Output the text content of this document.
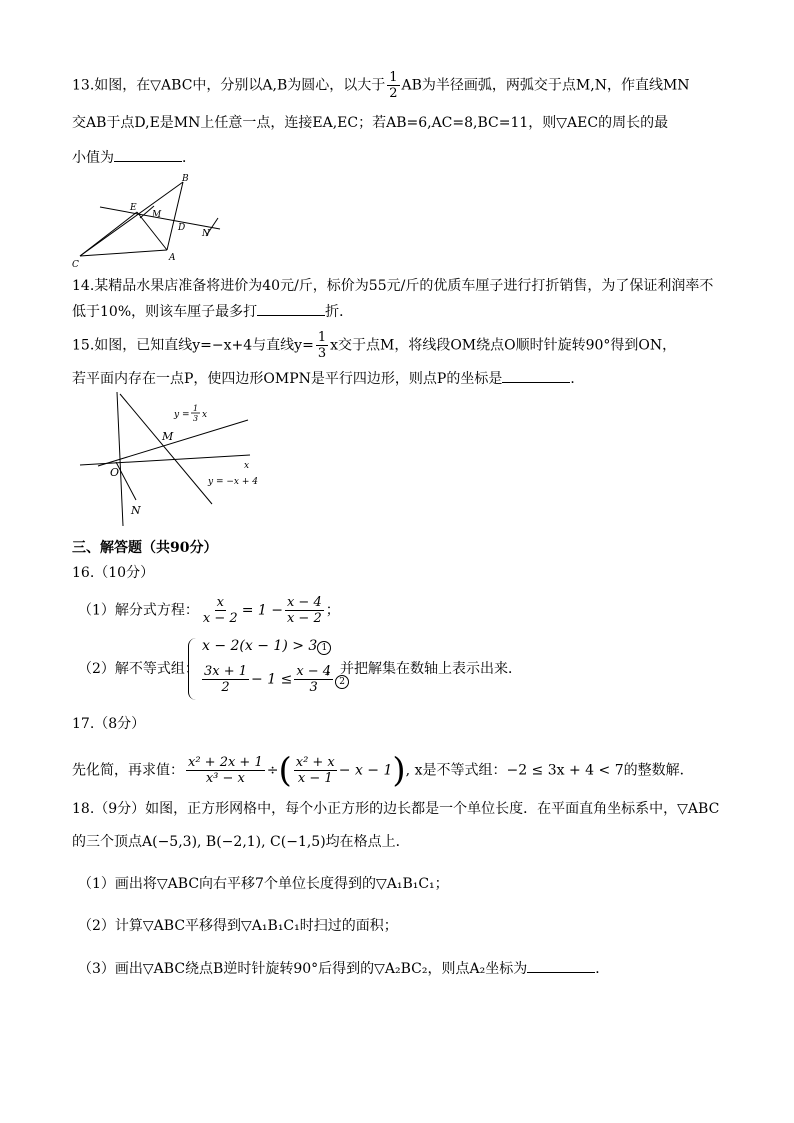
13.如图，在▽ABC中，分别以A,B为圆心，以大于 $\frac{1}{2}$ AB为半径画弧，两弧交于点M,N，作直线MN
交AB于点D,E是MN上任意一点，连接EA,EC；若AB=6,AC=8,BC=11，则▽AEC的周长的最
小值为	．
B
E
M
D
N
C
A
14.某精品水果店准备将进价为40元/斤，标价为55元/斤的优质车厘子进行打折销售，为了保证利润率不
低于10%，则该车厘子最多打	折．
15.如图，已知直线y=−x+4与直线$y= \frac{1}{3}$ x交于点M，将线段OM绕点O顺时针旋转90°得到ON，
若平面内存在一点P，使四边形OMPN是平行四边形，则点P的坐标是	．
y =
1
3 x
M
x
O
y = −x + 4
N
三、解答题（共90分）
16.（10分）
（1）解分式方程： $\frac{x}{x - 2} = 1 - \frac{x - 4}{x - 2}$ ；
（2）解不等式组：
x − 2(x − 1) > 3 1
$\frac{3x + 1}{2} - 1 \le \frac{x - 4}{3} 2$
，并把解集在数轴上表示出来．
17.（8分）
先化简，再求值： $\frac{\text{x² + 2x + 1}}{\text{x³ − x}}$ ÷( $\frac{\text{x² + x}}{x - 1} - x - 1$), x是不等式组：−2 ≤ 3x + 4 < 7的整数解．
18.（9分）如图，正方形网格中，每个小正方形的边长都是一个单位长度．在平面直角坐标系中，▽ABC
的三个顶点A(−5,3), B(−2,1), C(−1,5)均在格点上．
（1）画出将▽ABC向右平移7个单位长度得到的▽A₁B₁C₁；
（2）计算▽ABC平移得到▽A₁B₁C₁时扫过的面积；
（3）画出▽ABC绕点B逆时针旋转90°后得到的▽A₂BC₂，则点A₂坐标为	．
